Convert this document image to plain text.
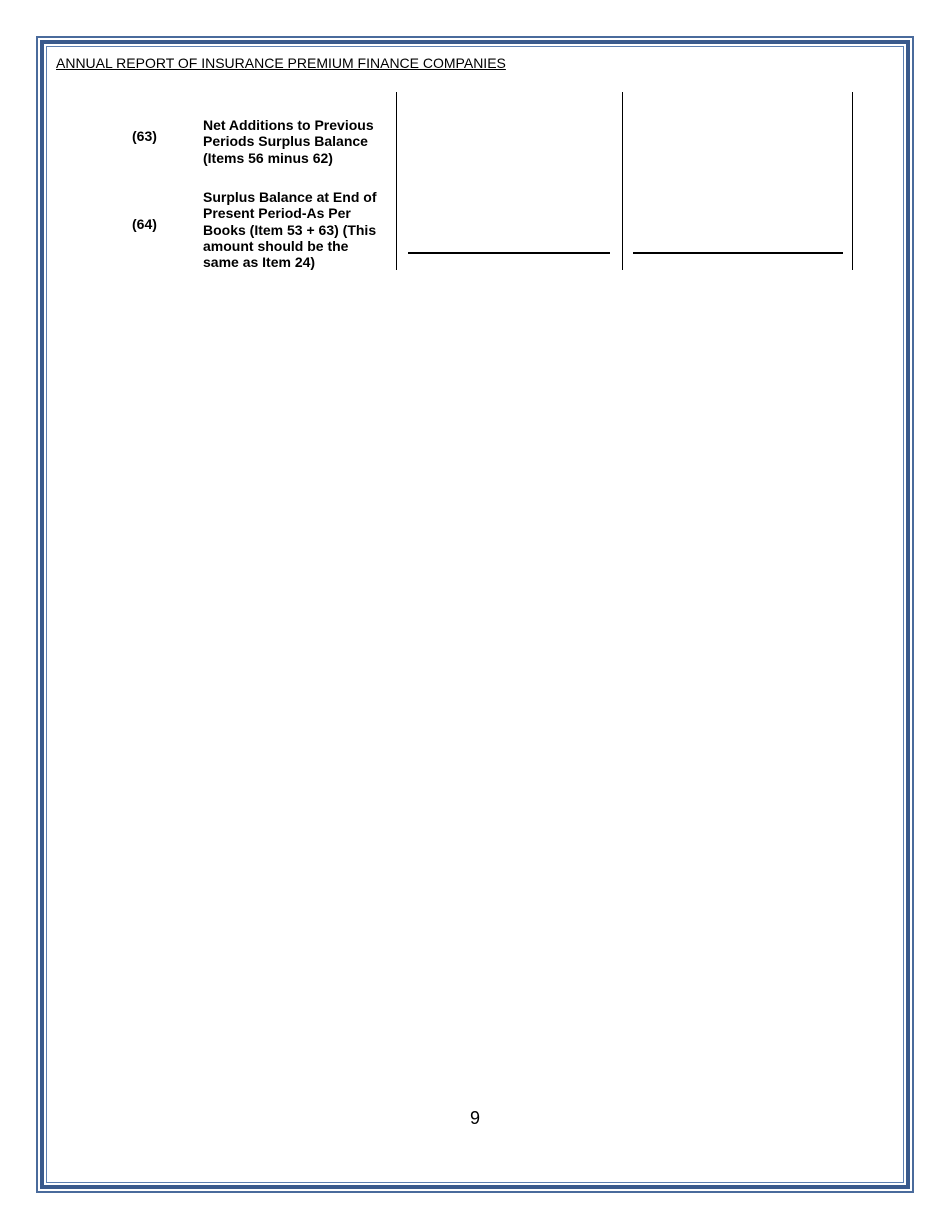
ANNUAL REPORT OF INSURANCE PREMIUM FINANCE COMPANIES
(63)
Net Additions to Previous Periods Surplus Balance (Items 56 minus 62)
(64)
Surplus Balance at End of Present Period-As Per Books (Item 53 + 63) (This amount should be the same as Item 24)
9
